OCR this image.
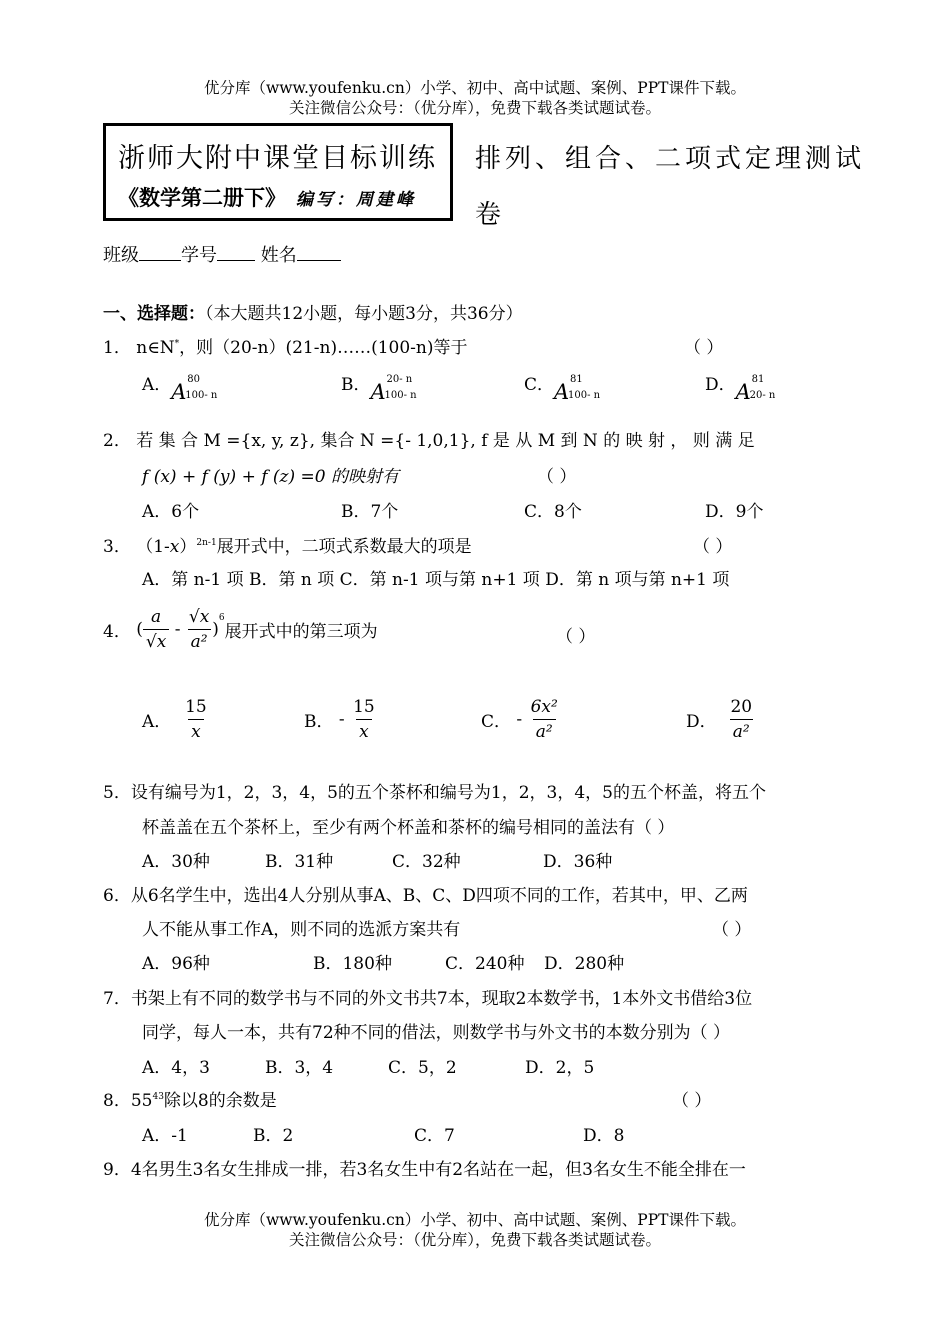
优分库（www.youfenku.cn）小学、初中、高中试题、案例、PPT课件下载。
关注微信公众号：（优分库），免费下载各类试题试卷。
浙师大附中课堂目标训练
《数学第二册下》 编写：周建峰
排列、组合、二项式定理测试
卷
班级 学号 姓名
一、选择题：（本大题共12小题，每小题3分，共36分）
1． n∈N*，则（20-n）(21-n)……(100-n)等于	（ ）
A． A
80
100- n
B． A
20- n
100- n
C． A
81
100- n
D． A
81
20- n
2． 若 集 合 M ={x, y, z}, 集合 N ={- 1,0,1}, f 是 从 M 到 N 的 映 射 ， 则 满 足
f (x) + f (y) + f (z) =0 的映射有	（ ）
A．6个	B．7个	C．8个	D．9个
3． $(1-x)^{2n-1}$展开式中，二项式系数最大的项是	（ ）
A．第 n-1 项 B．第 n 项 C．第 n-1 项与第 n+1 项 D．第 n 项与第 n+1 项
4． ( $\frac{a}{√x} - \frac{√x}{\text{a²}} )^6$展开式中的第三项为	（ ）
A． $\frac{15}{x}$	B． - $\frac{15}{x}$	C． - $\frac{\text{6x²}}{\text{a²}}$	D． $\frac{20}{\text{a²}}$
5．设有编号为1，2，3，4，5的五个茶杯和编号为1，2，3，4，5的五个杯盖，将五个
杯盖盖在五个茶杯上，至少有两个杯盖和茶杯的编号相同的盖法有（ ）
A．30种	B．31种	C．32种	D．36种
6．从6名学生中，选出4人分别从事A、B、C、D四项不同的工作，若其中，甲、乙两
人不能从事工作A，则不同的选派方案共有	（ ）
A．96种	B．180种	C．240种 D．280种
7．书架上有不同的数学书与不同的外文书共7本，现取2本数学书，1本外文书借给3位
同学，每人一本，共有72种不同的借法，则数学书与外文书的本数分别为（ ）
A．4，3	B．3，4	C．5，2	D．2，5
8．$55^{43}$除以8的余数是	（ ）
A．-1	B．2	C．7	D．8
9．4名男生3名女生排成一排，若3名女生中有2名站在一起，但3名女生不能全排在一
优分库（www.youfenku.cn）小学、初中、高中试题、案例、PPT课件下载。
关注微信公众号：（优分库），免费下载各类试题试卷。
